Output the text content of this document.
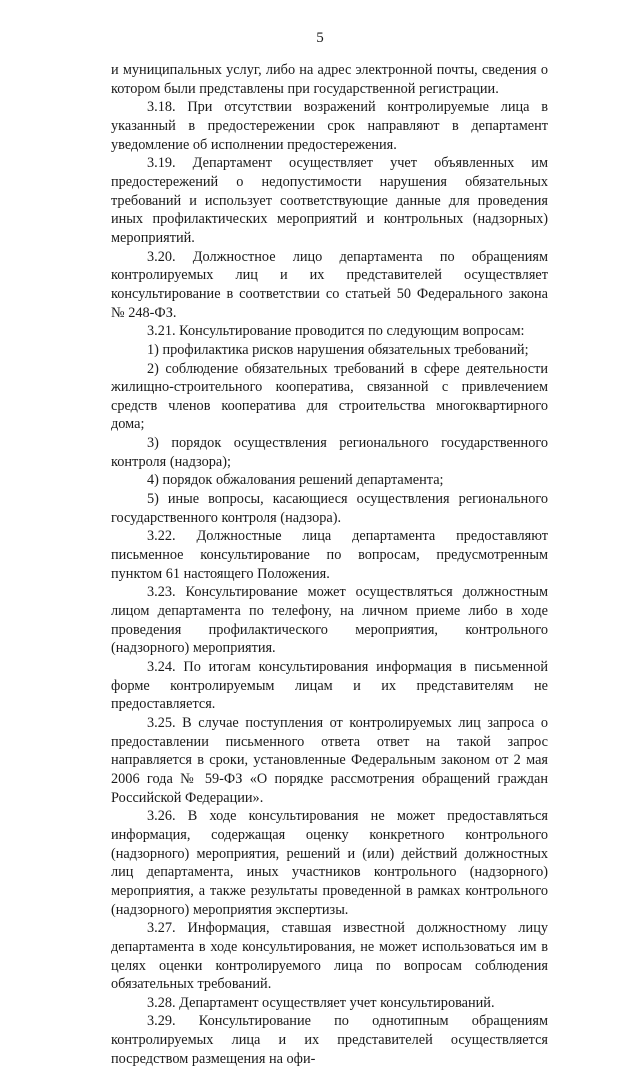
5

и муниципальных услуг, либо на адрес электронной почты, сведения о котором были представлены при государственной регистрации.

3.18. При отсутствии возражений контролируемые лица в указанный в предостережении срок направляют в департамент уведомление об исполнении предостережения.

3.19. Департамент осуществляет учет объявленных им предостережений о недопустимости нарушения обязательных требований и использует соответствующие данные для проведения иных профилактических мероприятий и контрольных (надзорных) мероприятий.

3.20. Должностное лицо департамента по обращениям контролируемых лиц и их представителей осуществляет консультирование в соответствии со статьей 50 Федерального закона № 248-ФЗ.

3.21. Консультирование проводится по следующим вопросам:

1) профилактика рисков нарушения обязательных требований;

2) соблюдение обязательных требований в сфере деятельности жилищно-строительного кооператива, связанной с привлечением средств членов кооператива для строительства многоквартирного дома;

3) порядок осуществления регионального государственного контроля (надзора);

4) порядок обжалования решений департамента;

5) иные вопросы, касающиеся осуществления регионального государственного контроля (надзора).

3.22. Должностные лица департамента предоставляют письменное консультирование по вопросам, предусмотренным пунктом 61 настоящего Положения.

3.23. Консультирование может осуществляться должностным лицом департамента по телефону, на личном приеме либо в ходе проведения профилактического мероприятия, контрольного (надзорного) мероприятия.

3.24. По итогам консультирования информация в письменной форме контролируемым лицам и их представителям не предоставляется.

3.25. В случае поступления от контролируемых лиц запроса о предоставлении письменного ответа ответ на такой запрос направляется в сроки, установленные Федеральным законом от 2 мая 2006 года № 59-ФЗ «О порядке рассмотрения обращений граждан Российской Федерации».

3.26. В ходе консультирования не может предоставляться информация, содержащая оценку конкретного контрольного (надзорного) мероприятия, решений и (или) действий должностных лиц департамента, иных участников контрольного (надзорного) мероприятия, а также результаты проведенной в рамках контрольного (надзорного) мероприятия экспертизы.

3.27. Информация, ставшая известной должностному лицу департамента в ходе консультирования, не может использоваться им в целях оценки контролируемого лица по вопросам соблюдения обязательных требований.

3.28. Департамент осуществляет учет консультирований.

3.29. Консультирование по однотипным обращениям контролируемых лица и их представителей осуществляется посредством размещения на офи-
